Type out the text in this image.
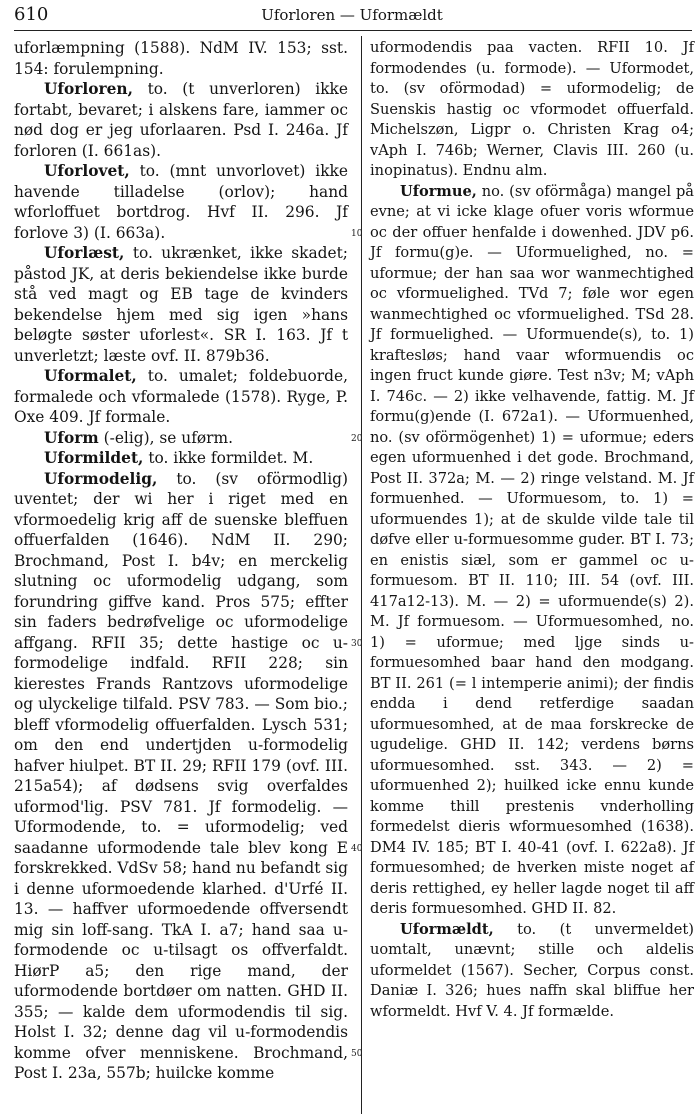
610	Uforloren — Uformældt

uforlæmpning (1588). NdM IV. 153; sst. 154: forulempning.

Uforloren, to. (t unverloren) ikke fortabt, bevaret; i alskens fare, iammer oc nød dog er jeg uforlaaren. Psd I. 246a. Jf forloren (I. 661as).

Uforlovet, to. (mnt unvorlovet) ikke havende tilladelse (orlov); hand wforloffuet bortdrog. Hvf II. 296. Jf forlove 3) (I. 663a).

Uforlæst, to. ukrænket, ikke skadet; påstod JK, at deris bekiendelse ikke burde stå ved magt og EB tage de kvinders bekendelse hjem med sig igen »hans beløgte søster uforlest«. SR I. 163. Jf t unverletzt; læste ovf. II. 879b36.

Uformalet, to. umalet; foldebuorde, formalede och vformalede (1578). Ryge, P. Oxe 409. Jf formale.

Uform (-elig), se uførm.

Uformildet, to. ikke formildet. M.

Uformodelig, to. (sv oförmodlig) uventet; der wi her i riget med en vformoedelig krig aff de suenske bleffuen offuerfalden (1646). NdM II. 290; Brochmand, Post I. b4v; en merckelig slutning oc uformodelig udgang, som forundring giffve kand. Pros 575; effter sin faders bedrøfvelige oc uformodelige affgang. RFII 35; dette hastige oc u-formodelige indfald. RFII 228; sin kierestes Frands Rantzovs uformodelige og ulyckelige tilfald. PSV 783. — Som bio.; bleff vformodelig offuerfalden. Lysch 531; om den end undertjden u-formodelig hafver hiulpet. BT II. 29; RFII 179 (ovf. III. 215a54); af dødsens svig overfaldes uformod'lig. PSV 781. Jf formodelig. — Uformodende, to. = uformodelig; ved saadanne uformodende tale blev kong E forskrekked. VdSv 58; hand nu befandt sig i denne uformoedende klarhed. d'Urfé II. 13. — haffver uformoedende offversendt mig sin loff-sang. TkA I. a7; hand saa u-formodende oc u-tilsagt os offverfaldt. HiørP a5; den rige mand, der uformodende bortdøer om natten. GHD II. 355; — kalde dem uformodendis til sig. Holst I. 32; denne dag vil u-formodendis komme ofver menniskene. Brochmand, Post I. 23a, 557b; huilcke komme

uformodendis paa vacten. RFII 10. Jf formodendes (u. formode). — Uformodet, to. (sv oförmodad) = uformodelig; de Suenskis hastig oc vformodet offuerfald. Michelszøn, Ligpr o. Christen Krag o4; vAph I. 746b; Werner, Clavis III. 260 (u. inopinatus). Endnu alm.

Uformue, no. (sv oförmåga) mangel på evne; at vi icke klage ofuer voris wformue oc der offuer henfalde i dowenhed. JDV p6. Jf formu(g)e. — Uformuelighed, no. = uformue; der han saa wor wanmechtighed oc vformuelighed. TVd 7; føle wor egen wanmechtighed oc vformuelighed. TSd 28. Jf formuelighed. — Uformuende(s), to. 1) kraftesløs; hand vaar wformuendis oc ingen fruct kunde giøre. Test n3v; M; vAph I. 746c. — 2) ikke velhavende, fattig. M. Jf formu(g)ende (I. 672a1). — Uformuenhed, no. (sv oförmögenhet) 1) = uformue; eders egen uformuenhed i det gode. Brochmand, Post II. 372a; M. — 2) ringe velstand. M. Jf formuenhed. — Uformuesom, to. 1) = uformuendes 1); at de skulde vilde tale til døfve eller u-formuesomme guder. BT I. 73; en enistis siæl, som er gammel oc u-formuesom. BT II. 110; III. 54 (ovf. III. 417a12-13). M. — 2) = uformuende(s) 2). M. Jf formuesom. — Uformuesomhed, no. 1) = uformue; med ljge sinds u-formuesomhed baar hand den modgang. BT II. 261 (= l intemperie animi); der findis endda i dend retferdige saadan uformuesomhed, at de maa forskrecke de ugudelige. GHD II. 142; verdens børns uformuesomhed. sst. 343. — 2) = uformuenhed 2); huilked icke ennu kunde komme thill prestenis vnderholling formedelst dieris wformuesomhed (1638). DM4 IV. 185; BT I. 40-41 (ovf. I. 622a8). Jf formuesomhed; de hverken miste noget af deris rettighed, ey heller lagde noget til aff deris formuesomhed. GHD II. 82.

Uformældt, to. (t unvermeldet) uomtalt, unævnt; stille och aldelis uformeldet (1567). Secher, Corpus const. Daniæ I. 326; hues naffn skal bliffue her wformeldt. Hvf V. 4. Jf formælde.

10
20
30
40
50
